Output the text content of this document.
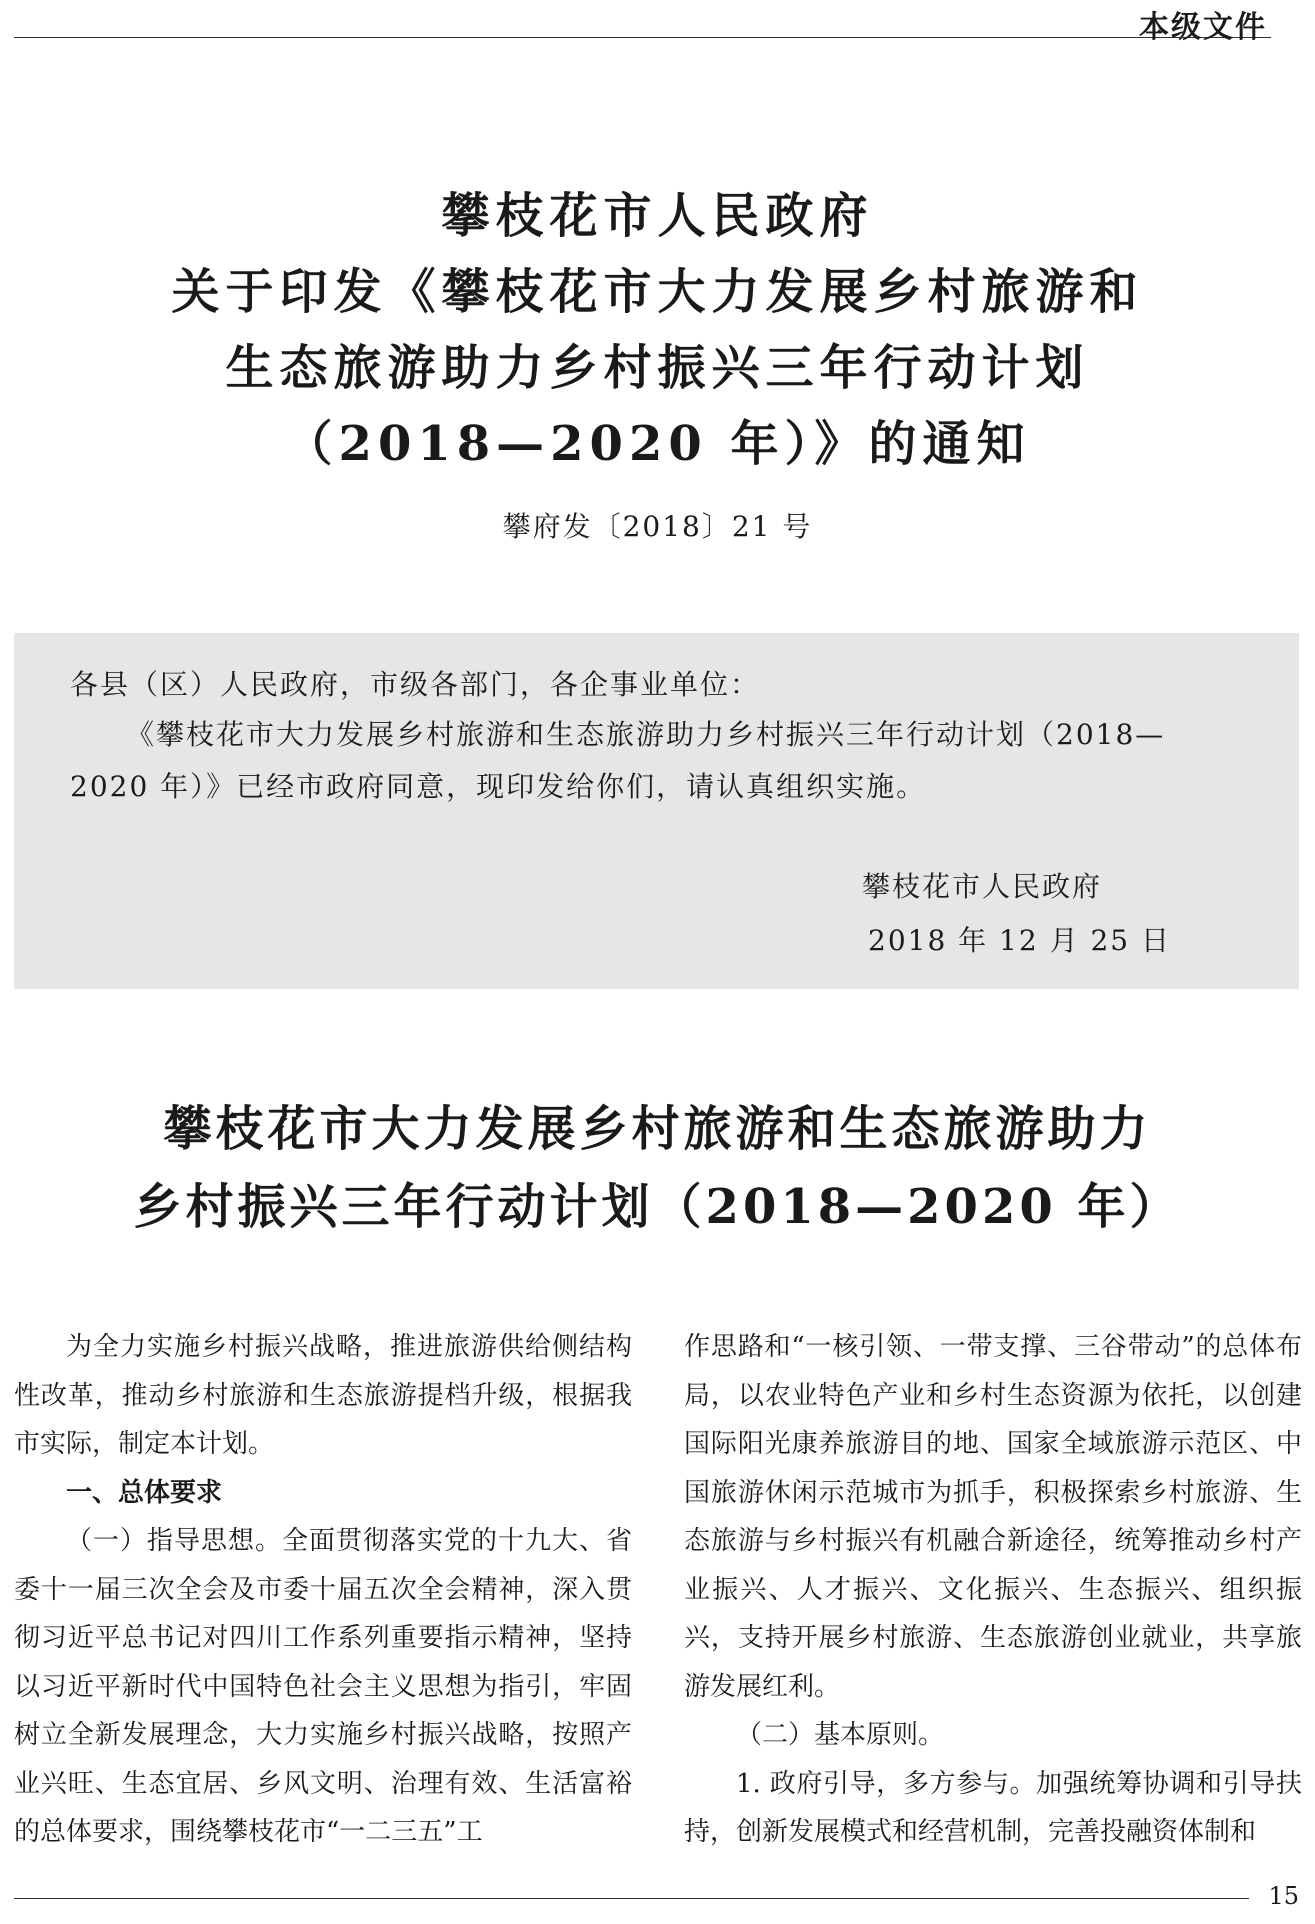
本级文件
攀枝花市人民政府
关于印发《攀枝花市大力发展乡村旅游和
生态旅游助力乡村振兴三年行动计划
（2018—2020 年）》的通知
攀府发〔2018〕21 号
各县（区）人民政府，市级各部门，各企事业单位：
《攀枝花市大力发展乡村旅游和生态旅游助力乡村振兴三年行动计划（2018—2020 年）》已经市政府同意，现印发给你们，请认真组织实施。
攀枝花市人民政府
2018 年 12 月 25 日
攀枝花市大力发展乡村旅游和生态旅游助力
乡村振兴三年行动计划（2018—2020 年）

为全力实施乡村振兴战略，推进旅游供给侧结构性改革，推动乡村旅游和生态旅游提档升级，根据我市实际，制定本计划。

一、总体要求

（一）指导思想。全面贯彻落实党的十九大、省委十一届三次全会及市委十届五次全会精神，深入贯彻习近平总书记对四川工作系列重要指示精神，坚持以习近平新时代中国特色社会主义思想为指引，牢固树立全新发展理念，大力实施乡村振兴战略，按照产业兴旺、生态宜居、乡风文明、治理有效、生活富裕的总体要求，围绕攀枝花市“一二三五”工

作思路和“一核引领、一带支撑、三谷带动”的总体布局，以农业特色产业和乡村生态资源为依托，以创建国际阳光康养旅游目的地、国家全域旅游示范区、中国旅游休闲示范城市为抓手，积极探索乡村旅游、生态旅游与乡村振兴有机融合新途径，统筹推动乡村产业振兴、人才振兴、文化振兴、生态振兴、组织振兴，支持开展乡村旅游、生态旅游创业就业，共享旅游发展红利。

（二）基本原则。

1. 政府引导，多方参与。加强统筹协调和引导扶持，创新发展模式和经营机制，完善投融资体制和

15
